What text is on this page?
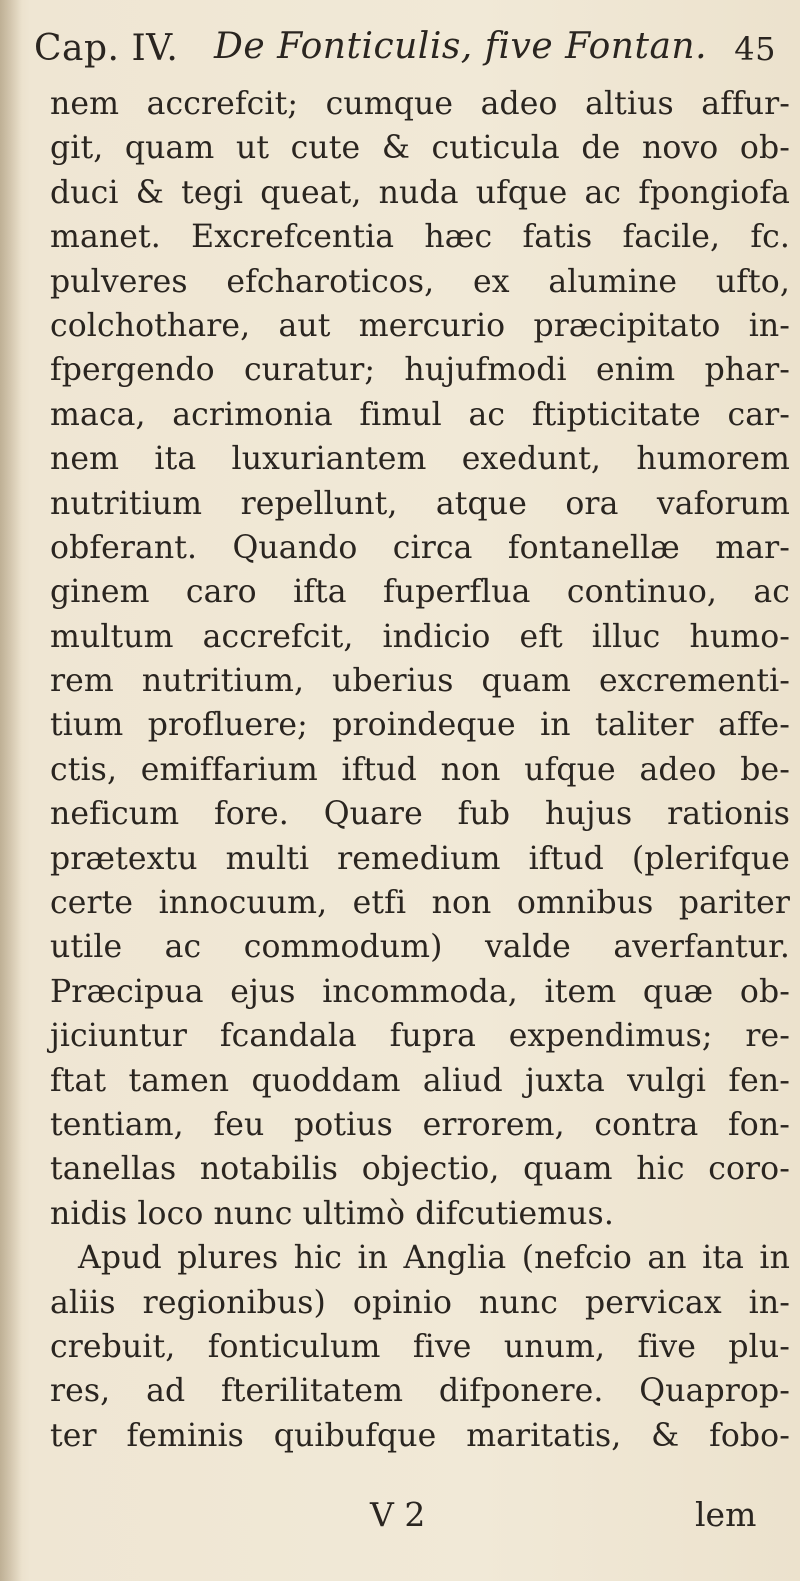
Cap. IV. De Fonticulis, five Fontan. 45
nem accrefcit; cumque adeo altius affur-
git, quam ut cute & cuticula de novo ob-
duci & tegi queat, nuda ufque ac fpongiofa
manet. Excrefcentia hæc fatis facile, fc.
pulveres efcharoticos, ex alumine ufto,
colchothare, aut mercurio præcipitato in-
fpergendo curatur; hujufmodi enim phar-
maca, acrimonia fimul ac ftipticitate car-
nem ita luxuriantem exedunt, humorem
nutritium repellunt, atque ora vaforum
obferant. Quando circa fontanellæ mar-
ginem caro ifta fuperflua continuo, ac
multum accrefcit, indicio eft illuc humo-
rem nutritium, uberius quam excrementi-
tium profluere; proindeque in taliter affe-
ctis, emiffarium iftud non ufque adeo be-
neficum fore. Quare fub hujus rationis
prætextu multi remedium iftud (plerifque
certe innocuum, etfi non omnibus pariter
utile ac commodum) valde averfantur.
Præcipua ejus incommoda, item quæ ob-
jiciuntur fcandala fupra expendimus; re-
ftat tamen quoddam aliud juxta vulgi fen-
tentiam, feu potius errorem, contra fon-
tanellas notabilis objectio, quam hic coro-
nidis loco nunc ultimò difcutiemus.
Apud plures hic in Anglia (nefcio an ita in
aliis regionibus) opinio nunc pervicax in-
crebuit, fonticulum five unum, five plu-
res, ad fterilitatem difponere. Quaprop-
ter feminis quibufque maritatis, & fobo-
V 2	lem
